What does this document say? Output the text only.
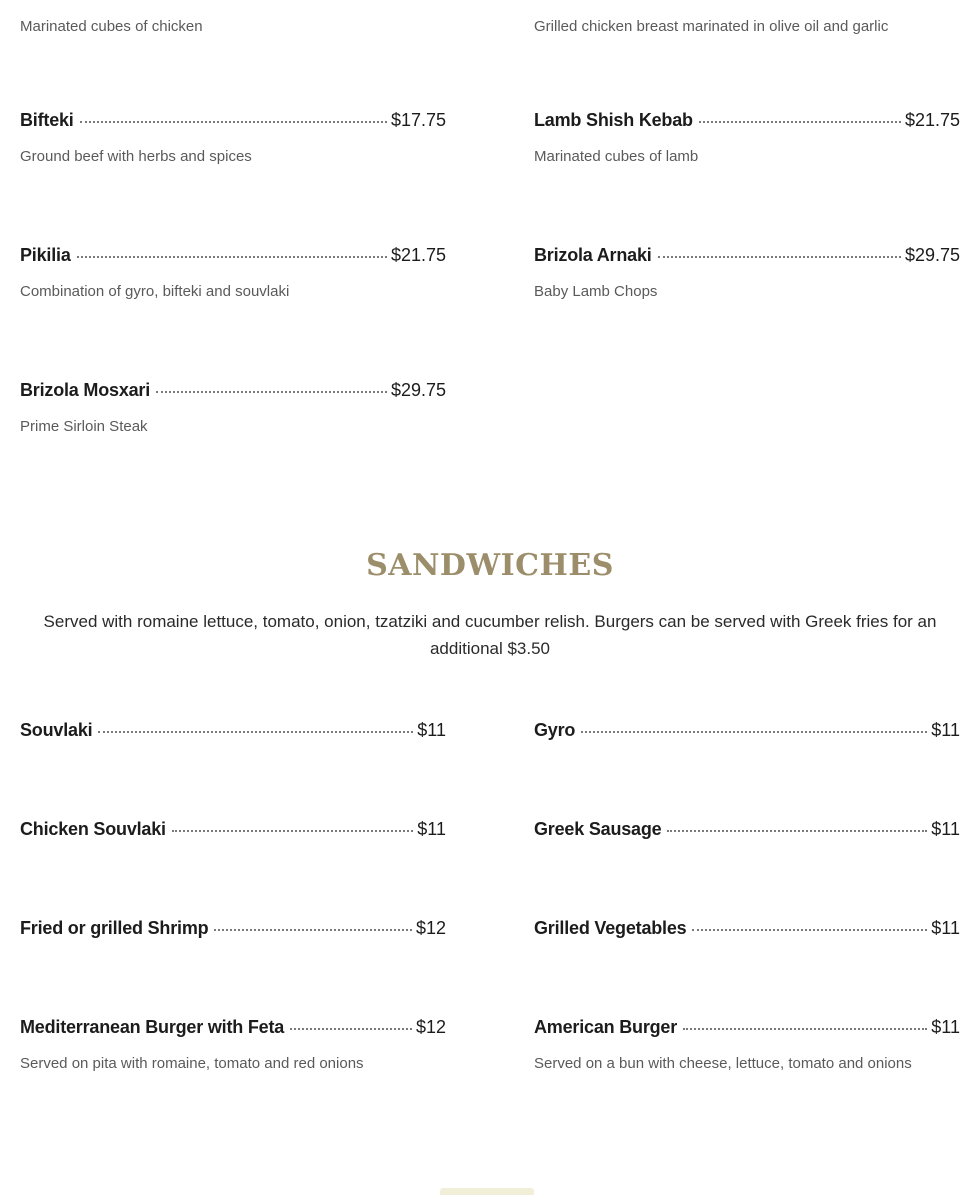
Marinated cubes of chicken	Grilled chicken breast marinated in olive oil and garlic
Bifteki	$17.75
Ground beef with herbs and spices
Lamb Shish Kebab	$21.75
Marinated cubes of lamb
Pikilia	$21.75
Combination of gyro, bifteki and souvlaki
Brizola Arnaki	$29.75
Baby Lamb Chops
Brizola Mosxari	$29.75
Prime Sirloin Steak
SANDWICHES
Served with romaine lettuce, tomato, onion, tzatziki and cucumber relish. Burgers can be served with Greek fries for an additional $3.50
Souvlaki	$11	Gyro	$11
Chicken Souvlaki	$11	Greek Sausage	$11
Fried or grilled Shrimp	$12	Grilled Vegetables	$11
Mediterranean Burger with Feta	$12
Served on pita with romaine, tomato and red onions
American Burger	$11
Served on a bun with cheese, lettuce, tomato and onions
